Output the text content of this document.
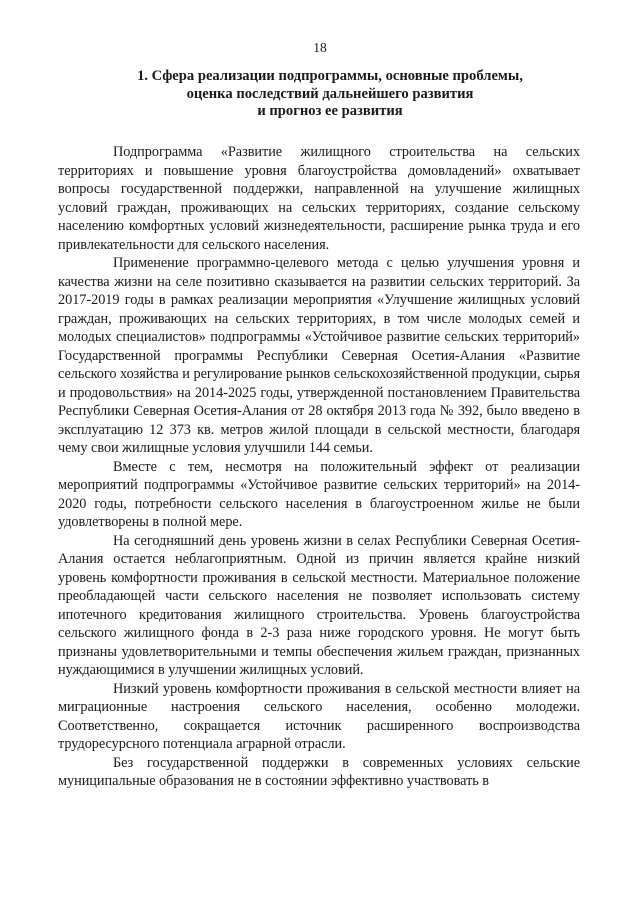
18
1. Сфера реализации подпрограммы, основные проблемы,
оценка последствий дальнейшего развития
и прогноз ее развития

Подпрограмма «Развитие жилищного строительства на сельских территориях и повышение уровня благоустройства домовладений» охватывает вопросы государственной поддержки, направленной на улучшение жилищных условий граждан, проживающих на сельских территориях, создание сельскому населению комфортных условий жизнедеятельности, расширение рынка труда и его привлекательности для сельского населения.

Применение программно-целевого метода с целью улучшения уровня и качества жизни на селе позитивно сказывается на развитии сельских территорий. За 2017-2019 годы в рамках реализации мероприятия «Улучшение жилищных условий граждан, проживающих на сельских территориях, в том числе молодых семей и молодых специалистов» подпрограммы «Устойчивое развитие сельских территорий» Государственной программы Республики Северная Осетия-Алания «Развитие сельского хозяйства и регулирование рынков сельскохозяйственной продукции, сырья и продовольствия» на 2014-2025 годы, утвержденной постановлением Правительства Республики Северная Осетия-Алания от 28 октября 2013 года № 392, было введено в эксплуатацию 12 373 кв. метров жилой площади в сельской местности, благодаря чему свои жилищные условия улучшили 144 семьи.

Вместе с тем, несмотря на положительный эффект от реализации мероприятий подпрограммы «Устойчивое развитие сельских территорий» на 2014-2020 годы, потребности сельского населения в благоустроенном жилье не были удовлетворены в полной мере.

На сегодняшний день уровень жизни в селах Республики Северная Осетия-Алания остается неблагоприятным. Одной из причин является крайне низкий уровень комфортности проживания в сельской местности. Материальное положение преобладающей части сельского населения не позволяет использовать систему ипотечного кредитования жилищного строительства. Уровень благоустройства сельского жилищного фонда в 2-3 раза ниже городского уровня. Не могут быть признаны удовлетворительными и темпы обеспечения жильем граждан, признанных нуждающимися в улучшении жилищных условий.

Низкий уровень комфортности проживания в сельской местности влияет на миграционные настроения сельского населения, особенно молодежи. Соответственно, сокращается источник расширенного воспроизводства трудоресурсного потенциала аграрной отрасли.

Без государственной поддержки в современных условиях сельские муниципальные образования не в состоянии эффективно участвовать в
